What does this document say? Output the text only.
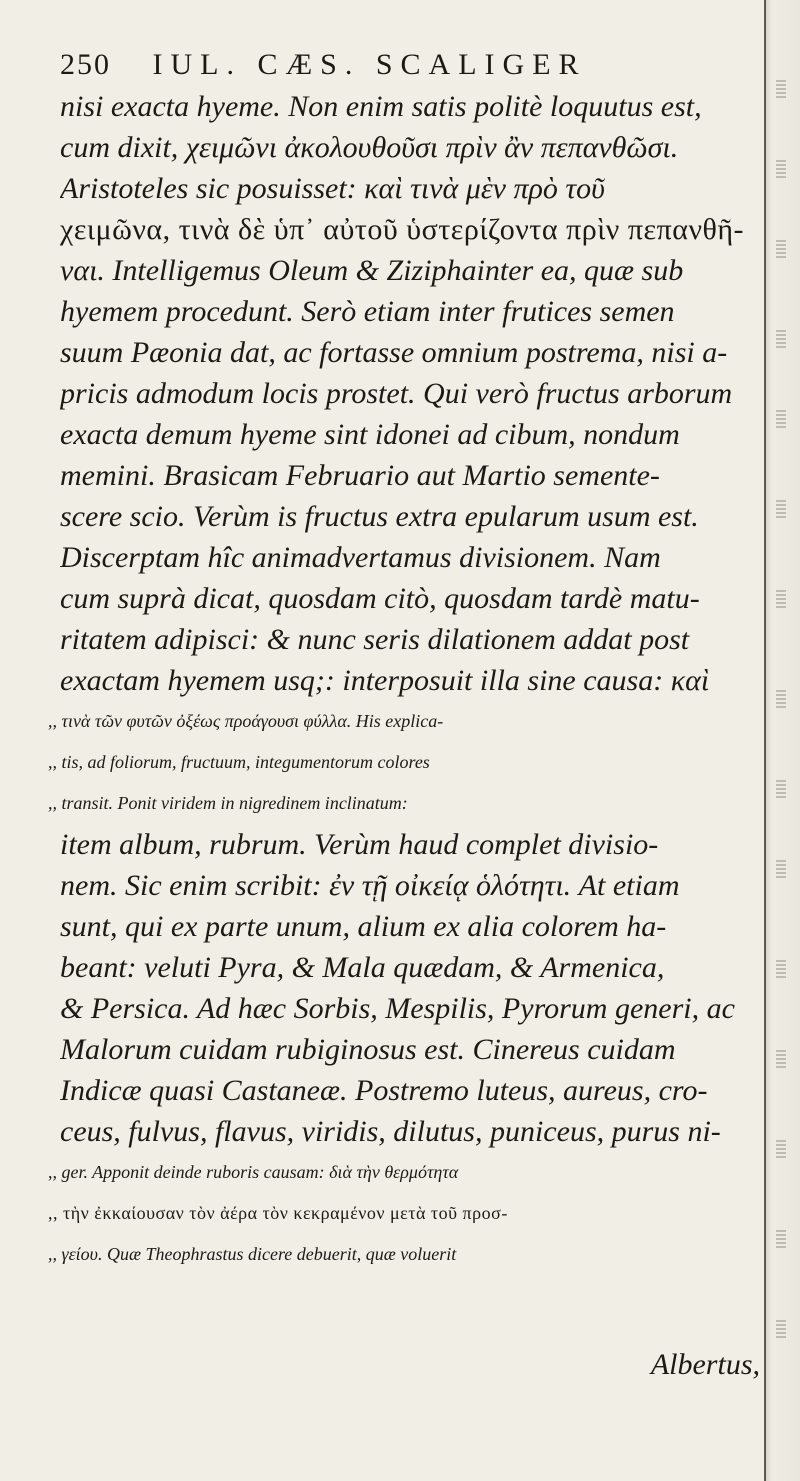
250 IUL. CÆS. SCALIGER
nisi exacta hyeme. Non enim satis politè loquutus est,
cum dixit, χειμῶνι ἀκολουθοῦσι πρὶν ἂν πεπανθῶσι.
Aristoteles sic posuisset: καὶ τινὰ μὲν πρὸ τοῦ
χειμῶνα, τινὰ δὲ ὑπ᾽ αὐτοῦ ὑστερίζοντα πρὶν πεπανθῆ-
ναι. Intelligemus Oleum & Ziziphainter ea, quæ sub
hyemem procedunt. Serò etiam inter frutices semen
suum Pæonia dat, ac fortasse omnium postrema, nisi a-
pricis admodum locis prostet. Qui verò fructus arborum
exacta demum hyeme sint idonei ad cibum, nondum
memini. Brasicam Februario aut Martio semente-
scere scio. Verùm is fructus extra epularum usum est.
Discerptam hîc animadvertamus divisionem. Nam
cum suprà dicat, quosdam citò, quosdam tardè matu-
ritatem adipisci: & nunc seris dilationem addat post
exactam hyemem usq;: interposuit illa sine causa: καὶ
,, τινὰ τῶν φυτῶν ὀξέως προάγουσι φύλλα. His explica-
,, tis, ad foliorum, fructuum, integumentorum colores
,, transit. Ponit viridem in nigredinem inclinatum:
item album, rubrum. Verùm haud complet divisio-
nem. Sic enim scribit: ἐν τῇ οἰκείᾳ ὁλότητι. At etiam
sunt, qui ex parte unum, alium ex alia colorem ha-
beant: veluti Pyra, & Mala quædam, & Armenica,
& Persica. Ad hæc Sorbis, Mespilis, Pyrorum generi, ac
Malorum cuidam rubiginosus est. Cinereus cuidam
Indicæ quasi Castaneæ. Postremo luteus, aureus, cro-
ceus, fulvus, flavus, viridis, dilutus, puniceus, purus ni-
,, ger. Apponit deinde ruboris causam: διὰ τὴν θερμότητα
,, τὴν ἐκκαίουσαν τὸν ἀέρα τὸν κεκραμένον μετὰ τοῦ προσ-
,, γείου. Quæ Theophrastus dicere debuerit, quæ voluerit
Albertus,
